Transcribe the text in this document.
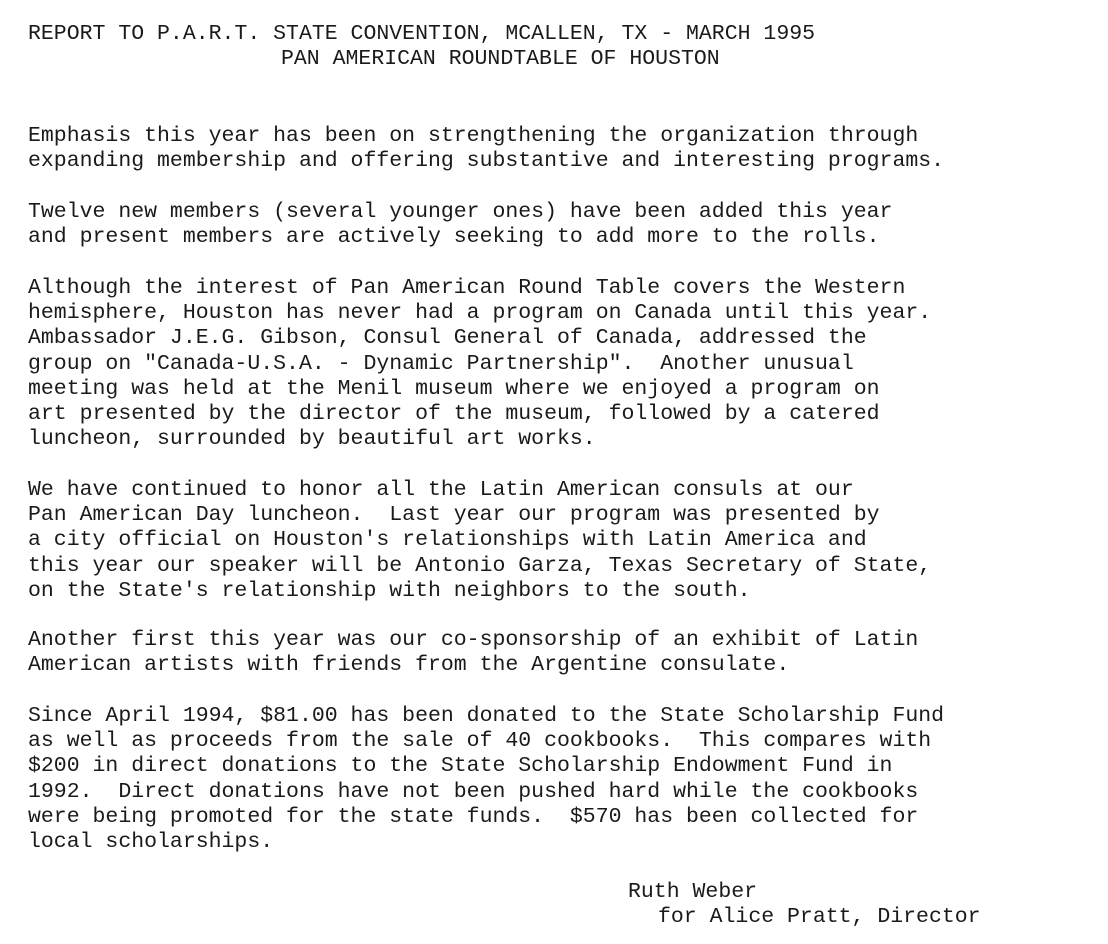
REPORT TO P.A.R.T. STATE CONVENTION, MCALLEN, TX - MARCH 1995
PAN AMERICAN ROUNDTABLE OF HOUSTON
Emphasis this year has been on strengthening the organization through
expanding membership and offering substantive and interesting programs.
Twelve new members (several younger ones) have been added this year
and present members are actively seeking to add more to the rolls.
Although the interest of Pan American Round Table covers the Western
hemisphere, Houston has never had a program on Canada until this year.
Ambassador J.E.G. Gibson, Consul General of Canada, addressed the
group on "Canada-U.S.A. - Dynamic Partnership".  Another unusual
meeting was held at the Menil museum where we enjoyed a program on
art presented by the director of the museum, followed by a catered
luncheon, surrounded by beautiful art works.
We have continued to honor all the Latin American consuls at our
Pan American Day luncheon.  Last year our program was presented by
a city official on Houston's relationships with Latin America and
this year our speaker will be Antonio Garza, Texas Secretary of State,
on the State's relationship with neighbors to the south.
Another first this year was our co-sponsorship of an exhibit of Latin
American artists with friends from the Argentine consulate.
Since April 1994, $81.00 has been donated to the State Scholarship Fund
as well as proceeds from the sale of 40 cookbooks.  This compares with
$200 in direct donations to the State Scholarship Endowment Fund in
1992.  Direct donations have not been pushed hard while the cookbooks
were being promoted for the state funds.  $570 has been collected for
local scholarships.
Ruth Weber
for Alice Pratt, Director
